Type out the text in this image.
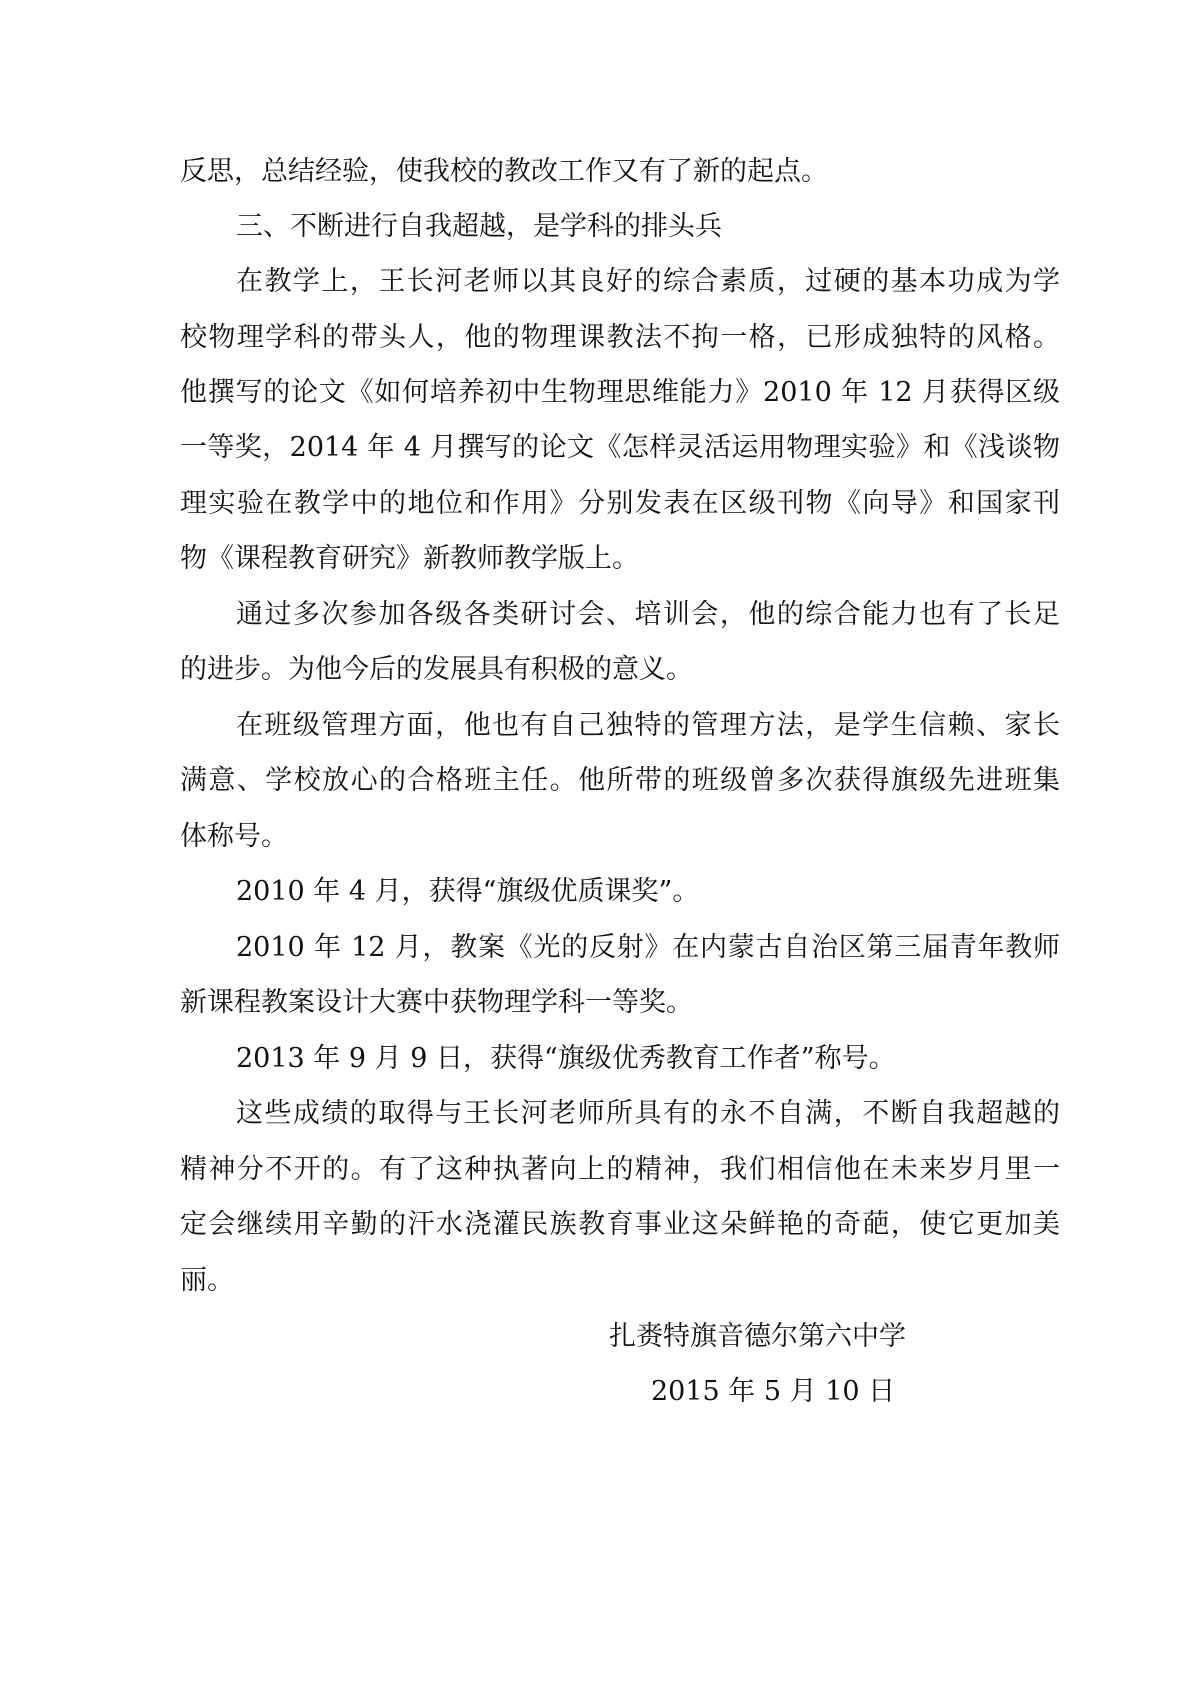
反思，总结经验，使我校的教改工作又有了新的起点。
三、不断进行自我超越，是学科的排头兵
在教学上，王长河老师以其良好的综合素质，过硬的基本功成为学
校物理学科的带头人，他的物理课教法不拘一格，已形成独特的风格。
他撰写的论文《如何培养初中生物理思维能力》2010 年 12 月获得区级
一等奖，2014 年 4 月撰写的论文《怎样灵活运用物理实验》和《浅谈物
理实验在教学中的地位和作用》分别发表在区级刊物《向导》和国家刊
物《课程教育研究》新教师教学版上。
通过多次参加各级各类研讨会、培训会，他的综合能力也有了长足
的进步。为他今后的发展具有积极的意义。
在班级管理方面，他也有自己独特的管理方法，是学生信赖、家长
满意、学校放心的合格班主任。他所带的班级曾多次获得旗级先进班集
体称号。
2010 年 4 月，获得“旗级优质课奖”。
2010 年 12 月，教案《光的反射》在内蒙古自治区第三届青年教师
新课程教案设计大赛中获物理学科一等奖。
2013 年 9 月 9 日，获得“旗级优秀教育工作者”称号。
这些成绩的取得与王长河老师所具有的永不自满，不断自我超越的
精神分不开的。有了这种执著向上的精神，我们相信他在未来岁月里一
定会继续用辛勤的汗水浇灌民族教育事业这朵鲜艳的奇葩，使它更加美
丽。
扎赉特旗音德尔第六中学
2015 年 5 月 10 日
